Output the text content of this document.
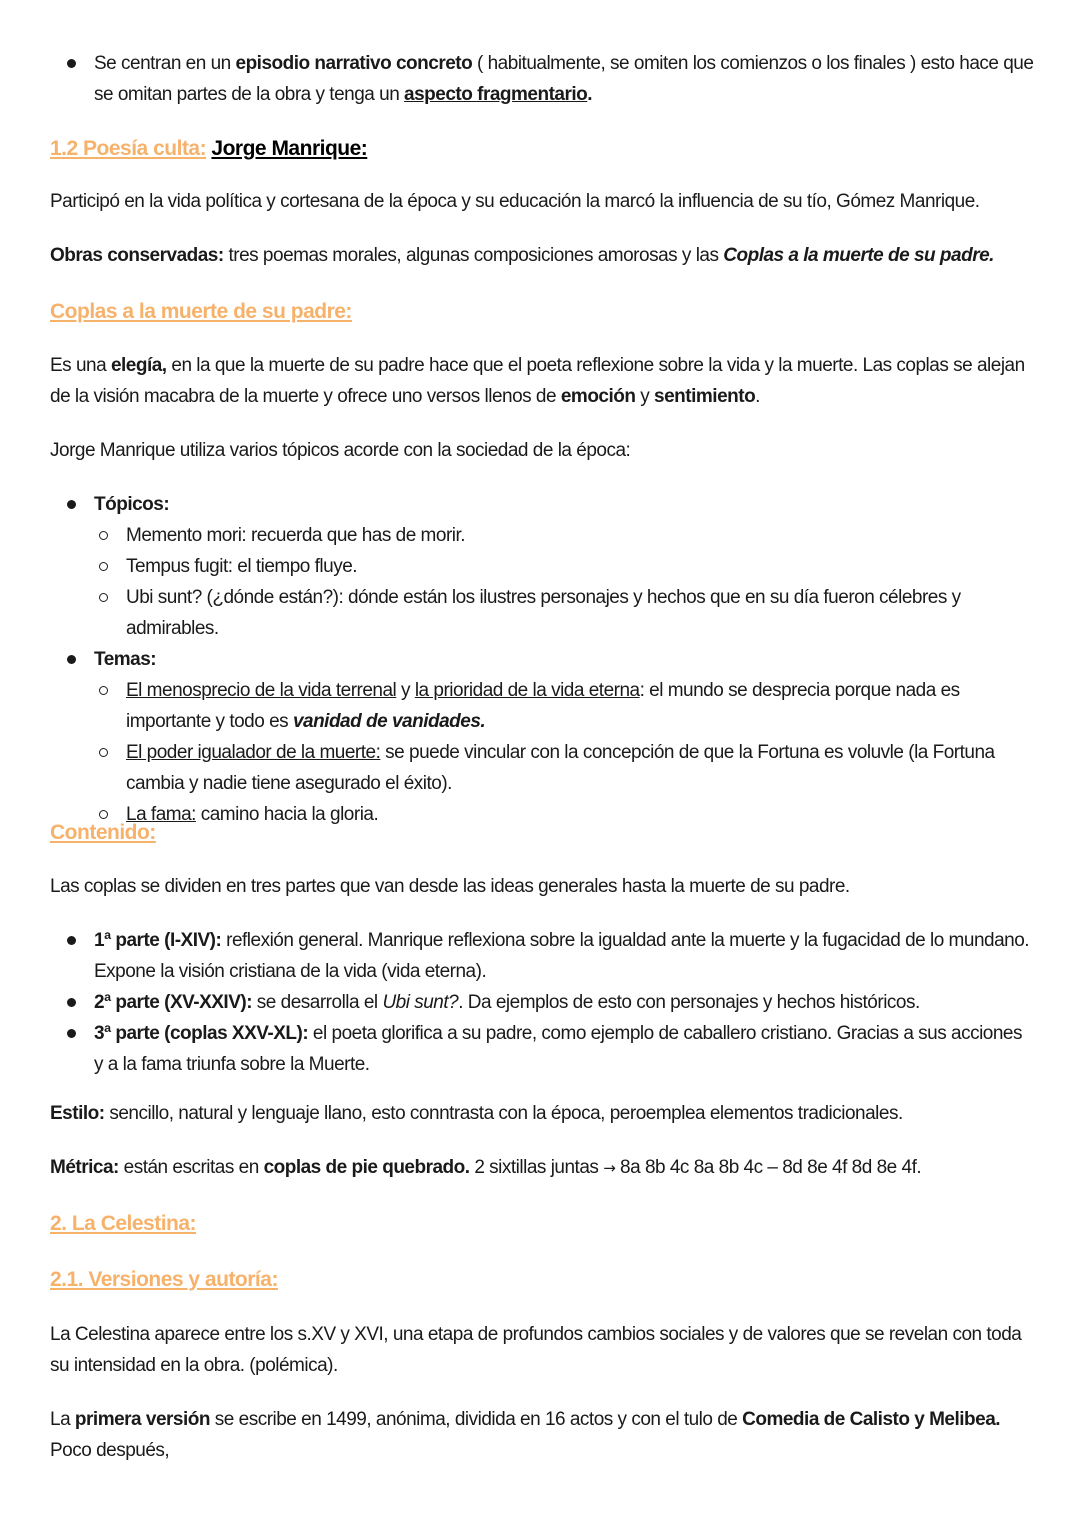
Se centran en un episodio narrativo concreto ( habitualmente, se omiten los comienzos o los finales ) esto hace que se omitan partes de la obra y tenga un aspecto fragmentario.
1.2 Poesía culta: Jorge Manrique:
Participó en la vida política y cortesana de la época y su educación la marcó la influencia de su tío, Gómez Manrique.
Obras conservadas: tres poemas morales, algunas composiciones amorosas y las Coplas a la muerte de su padre.
Coplas a la muerte de su padre:
Es una elegía, en la que la muerte de su padre hace que el poeta reflexione sobre la vida y la muerte. Las coplas se alejan de la visión macabra de la muerte y ofrece uno versos llenos de emoción y sentimiento.
Jorge Manrique utiliza varios tópicos acorde con la sociedad de la época:
Tópicos:
Memento mori: recuerda que has de morir.
Tempus fugit: el tiempo fluye.
Ubi sunt? (¿dónde están?): dónde están los ilustres personajes y hechos que en su día fueron célebres y admirables.
Temas:
El menosprecio de la vida terrenal y la prioridad de la vida eterna: el mundo se desprecia porque nada es importante y todo es vanidad de vanidades.
El poder igualador de la muerte: se puede vincular con la concepción de que la Fortuna es voluvle (la Fortuna cambia y nadie tiene asegurado el éxito).
La fama: camino hacia la gloria.
Contenido:
Las coplas se dividen en tres partes que van desde las ideas generales hasta la muerte de su padre.
1ª parte (I-XIV): reflexión general. Manrique reflexiona sobre la igualdad ante la muerte y la fugacidad de lo mundano. Expone la visión cristiana de la vida (vida eterna).
2ª parte (XV-XXIV): se desarrolla el Ubi sunt?. Da ejemplos de esto con personajes y hechos históricos.
3ª parte (coplas XXV-XL): el poeta glorifica a su padre, como ejemplo de caballero cristiano. Gracias a sus acciones y a la fama triunfa sobre la Muerte.
Estilo: sencillo, natural y lenguaje llano, esto conntrasta con la época, peroemplea elementos tradicionales.
Métrica: están escritas en coplas de pie quebrado. 2 sixtillas juntas → 8a 8b 4c 8a 8b 4c – 8d 8e 4f 8d 8e 4f.
2. La Celestina:
2.1. Versiones y autoría:
La Celestina aparece entre los s.XV y XVI, una etapa de profundos cambios sociales y de valores que se revelan con toda su intensidad en la obra. (polémica).
La primera versión se escribe en 1499, anónima, dividida en 16 actos y con el tulo de Comedia de Calisto y Melibea. Poco después,
